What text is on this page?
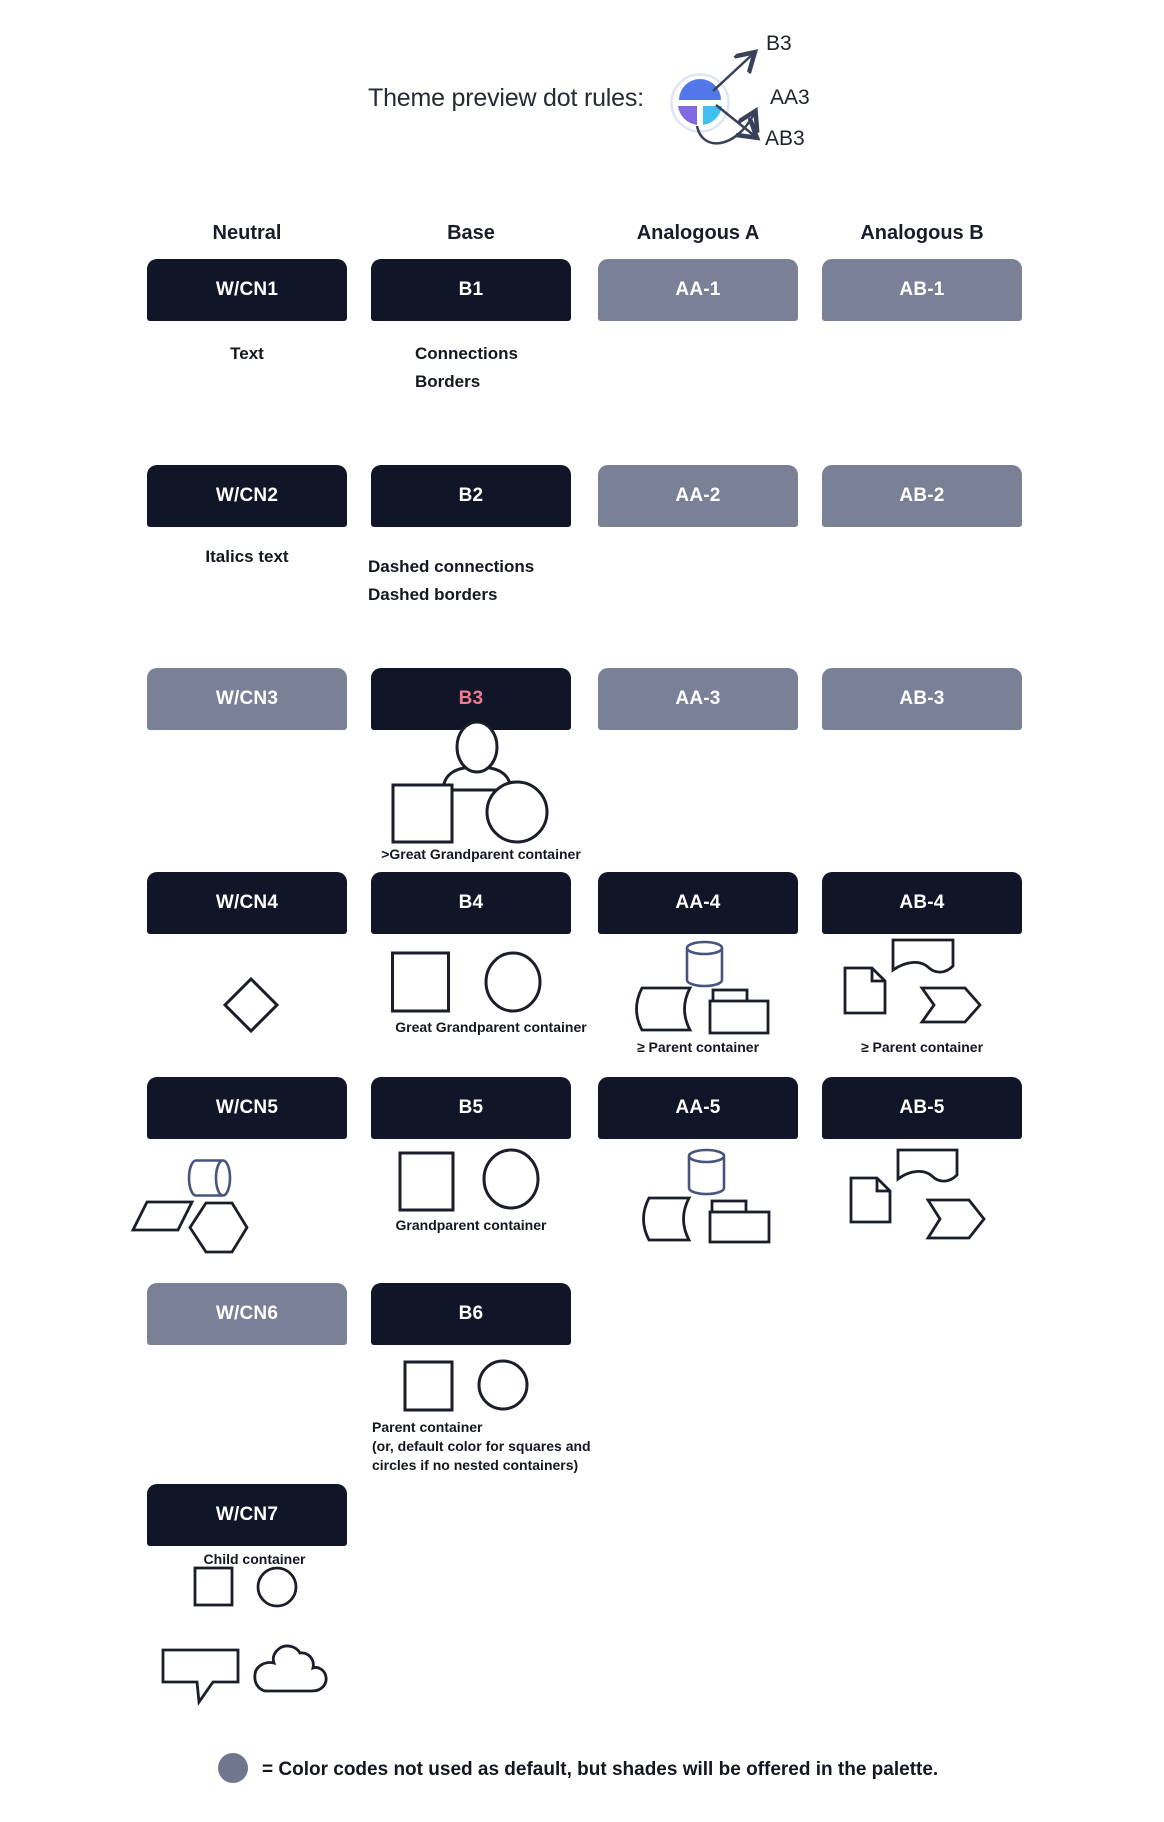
Theme preview dot rules:
B3
AA3
AB3
Neutral	Base	Analogous A	Analogous B
W/CN1	B1	AA-1	AB-1
Text	Connections
Borders
W/CN2	B2	AA-2	AB-2
Italics text
Dashed connections
Dashed borders
W/CN3	B3	AA-3	AB-3
>Great Grandparent container
W/CN4	B4	AA-4	AB-4
Great Grandparent container
≥ Parent container	≥ Parent container
W/CN5	B5	AA-5	AB-5
Grandparent container
W/CN6	B6
Parent container
(or, default color for squares and circles if no nested containers)
W/CN7
Child container
= Color codes not used as default, but shades will be offered in the palette.
